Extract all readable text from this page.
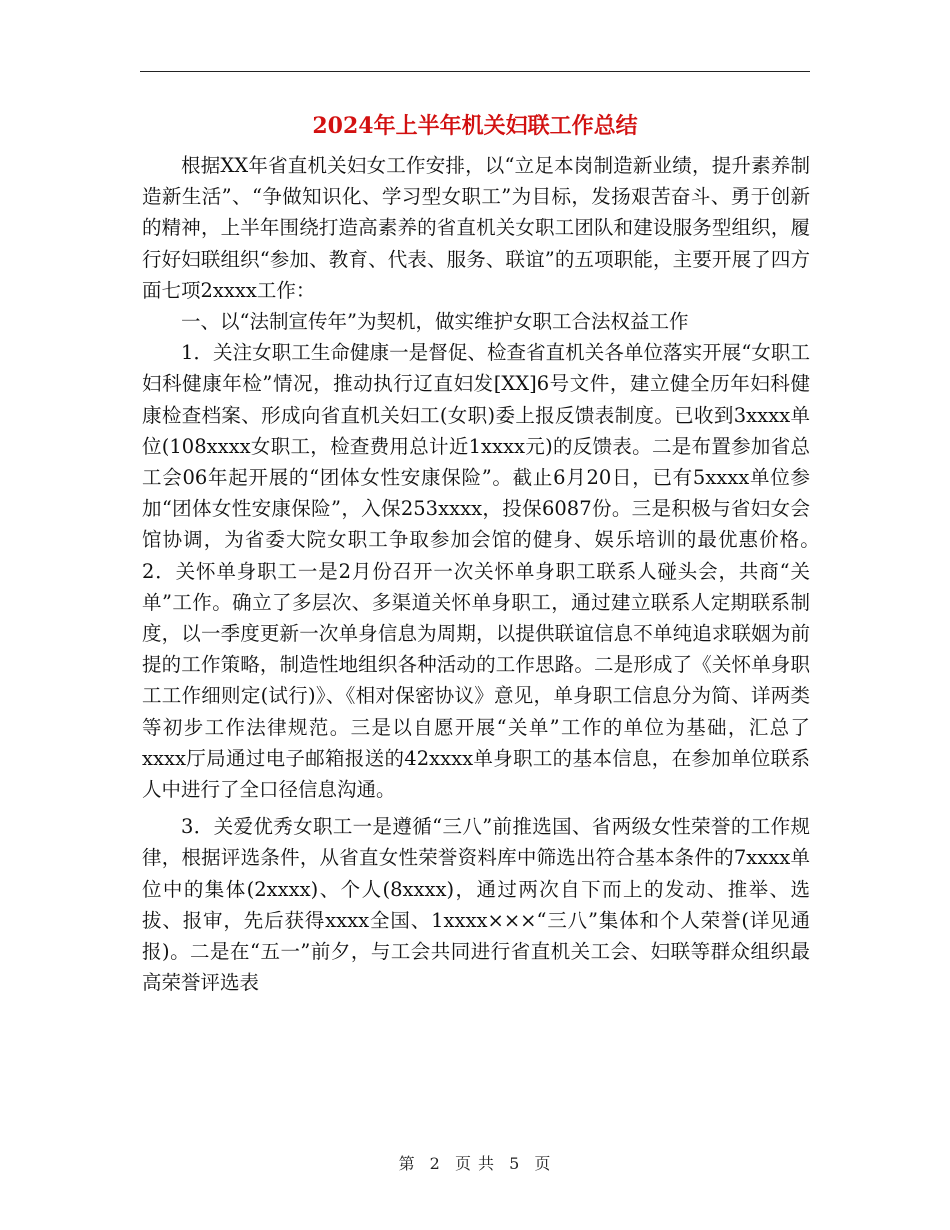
2024年上半年机关妇联工作总结

根据XX年省直机关妇女工作安排，以“立足本岗制造新业绩，提升素养制造新生活”、“争做知识化、学习型女职工”为目标，发扬艰苦奋斗、勇于创新的精神，上半年围绕打造高素养的省直机关女职工团队和建设服务型组织，履行好妇联组织“参加、教育、代表、服务、联谊”的五项职能，主要开展了四方面七项2xxxx工作：

一、以“法制宣传年”为契机，做实维护女职工合法权益工作

1．关注女职工生命健康一是督促、检查省直机关各单位落实开展“女职工妇科健康年检”情况，推动执行辽直妇发[XX]6号文件，建立健全历年妇科健康检查档案、形成向省直机关妇工(女职)委上报反馈表制度。已收到3xxxx单位(108xxxx女职工，检查费用总计近1xxxx元)的反馈表。二是布置参加省总工会06年起开展的“团体女性安康保险”。截止6月20日，已有5xxxx单位参加“团体女性安康保险”，入保253xxxx，投保6087份。三是积极与省妇女会馆协调，为省委大院女职工争取参加会馆的健身、娱乐培训的最优惠价格。　　　　2．关怀单身职工一是2月份召开一次关怀单身职工联系人碰头会，共商“关单”工作。确立了多层次、多渠道关怀单身职工，通过建立联系人定期联系制度，以一季度更新一次单身信息为周期，以提供联谊信息不单纯追求联姻为前提的工作策略，制造性地组织各种活动的工作思路。二是形成了《关怀单身职工工作细则定(试行)》、《相对保密协议》意见，单身职工信息分为简、详两类等初步工作法律规范。三是以自愿开展“关单”工作的单位为基础，汇总了xxxx厅局通过电子邮箱报送的42xxxx单身职工的基本信息，在参加单位联系人中进行了全口径信息沟通。

3．关爱优秀女职工一是遵循“三八”前推选国、省两级女性荣誉的工作规律，根据评选条件，从省直女性荣誉资料库中筛选出符合基本条件的7xxxx单位中的集体(2xxxx)、个人(8xxxx)，通过两次自下而上的发动、推举、选拔、报审，先后获得xxxx全国、1xxxx×××“三八”集体和个人荣誉(详见通报)。二是在“五一”前夕，与工会共同进行省直机关工会、妇联等群众组织最高荣誉评选表

第 2 页 共 5 页
